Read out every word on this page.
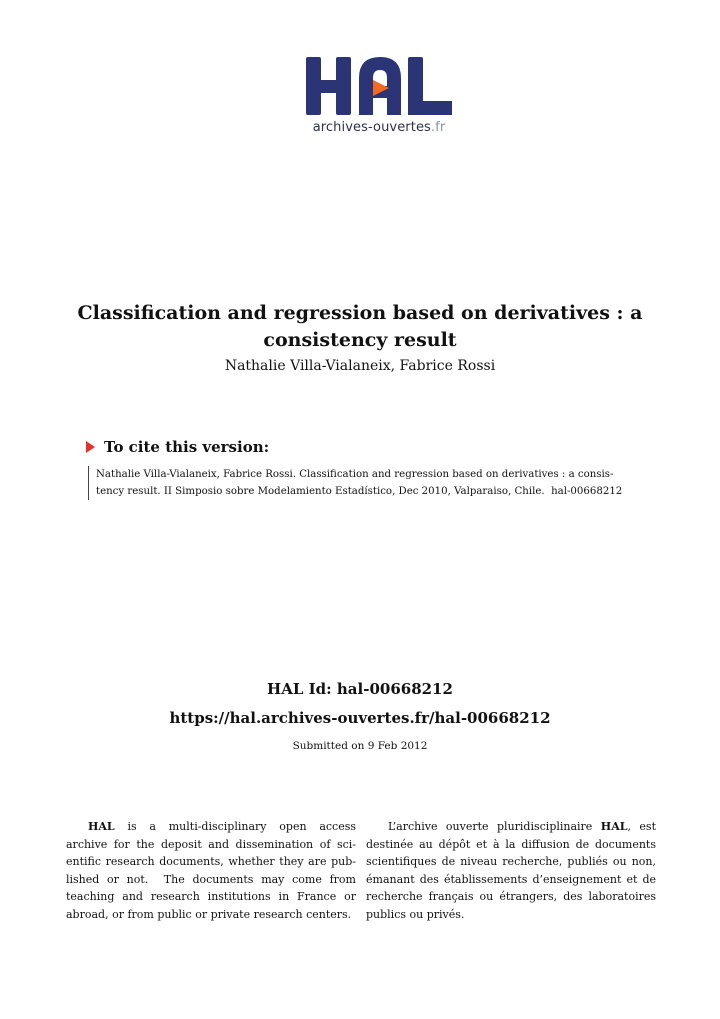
archives-ouvertes.fr
Classification and regression based on derivatives : a
consistency result
Nathalie Villa-Vialaneix, Fabrice Rossi
To cite this version:
Nathalie Villa-Vialaneix, Fabrice Rossi. Classification and regression based on derivatives : a consis-
tency result. II Simposio sobre Modelamiento Estadístico, Dec 2010, Valparaiso, Chile.  hal-00668212
HAL Id: hal-00668212
https://hal.archives-ouvertes.fr/hal-00668212
Submitted on 9 Feb 2012
HAL is a multi-disciplinary open access
archive for the deposit and dissemination of sci-
entific research documents, whether they are pub-
lished or not.  The documents may come from
teaching and research institutions in France or
abroad, or from public or private research centers.
L’archive ouverte pluridisciplinaire HAL, est
destinée au dépôt et à la diffusion de documents
scientifiques de niveau recherche, publiés ou non,
émanant des établissements d’enseignement et de
recherche français ou étrangers, des laboratoires
publics ou privés.
